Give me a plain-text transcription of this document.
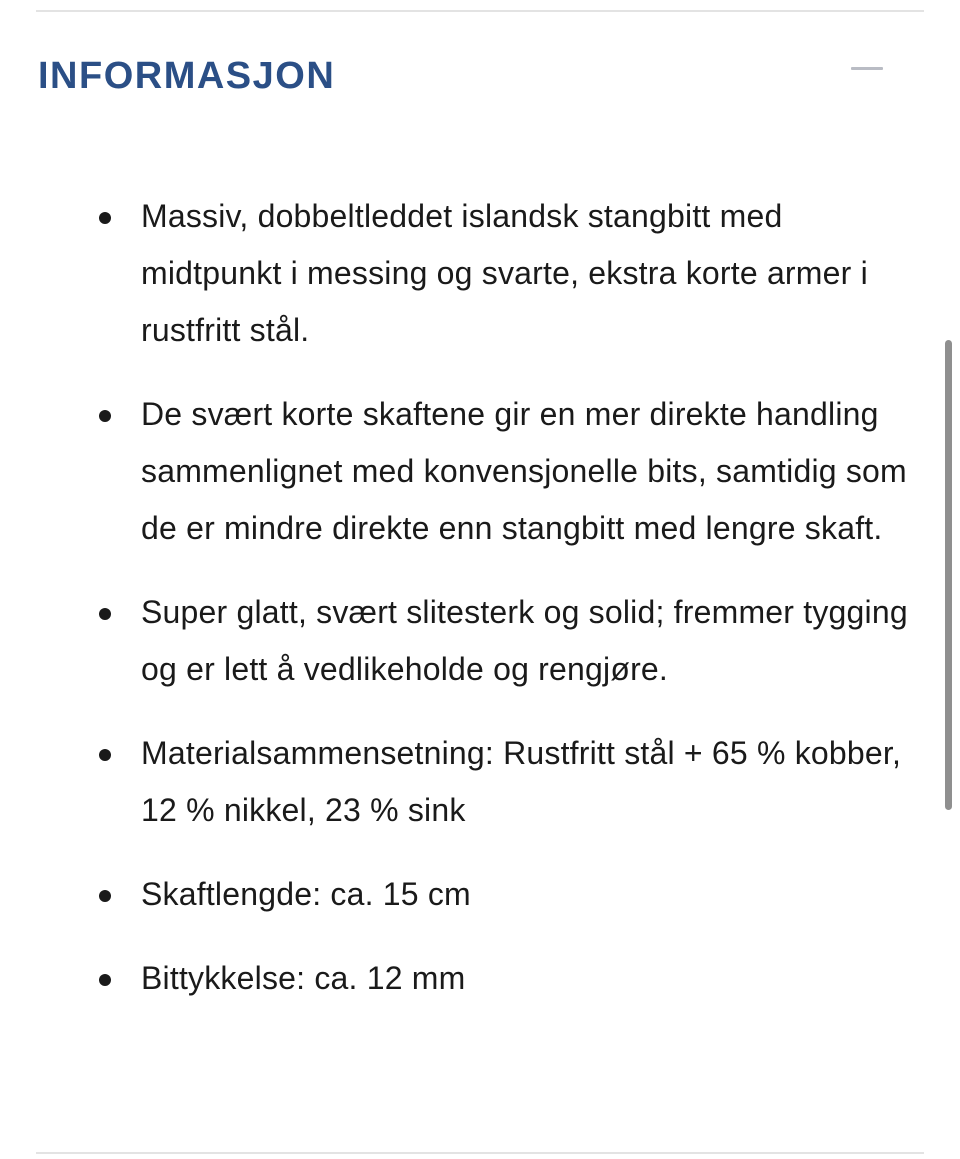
INFORMASJON
Massiv, dobbeltleddet islandsk stangbitt med midtpunkt i messing og svarte, ekstra korte armer i rustfritt stål.
De svært korte skaftene gir en mer direkte handling sammenlignet med konvensjonelle bits, samtidig som de er mindre direkte enn stangbitt med lengre skaft.
Super glatt, svært slitesterk og solid; fremmer tygging og er lett å vedlikeholde og rengjøre.
Materialsammensetning: Rustfritt stål + 65 % kobber, 12 % nikkel, 23 % sink
Skaftlengde: ca. 15 cm
Bittykkelse: ca. 12 mm
